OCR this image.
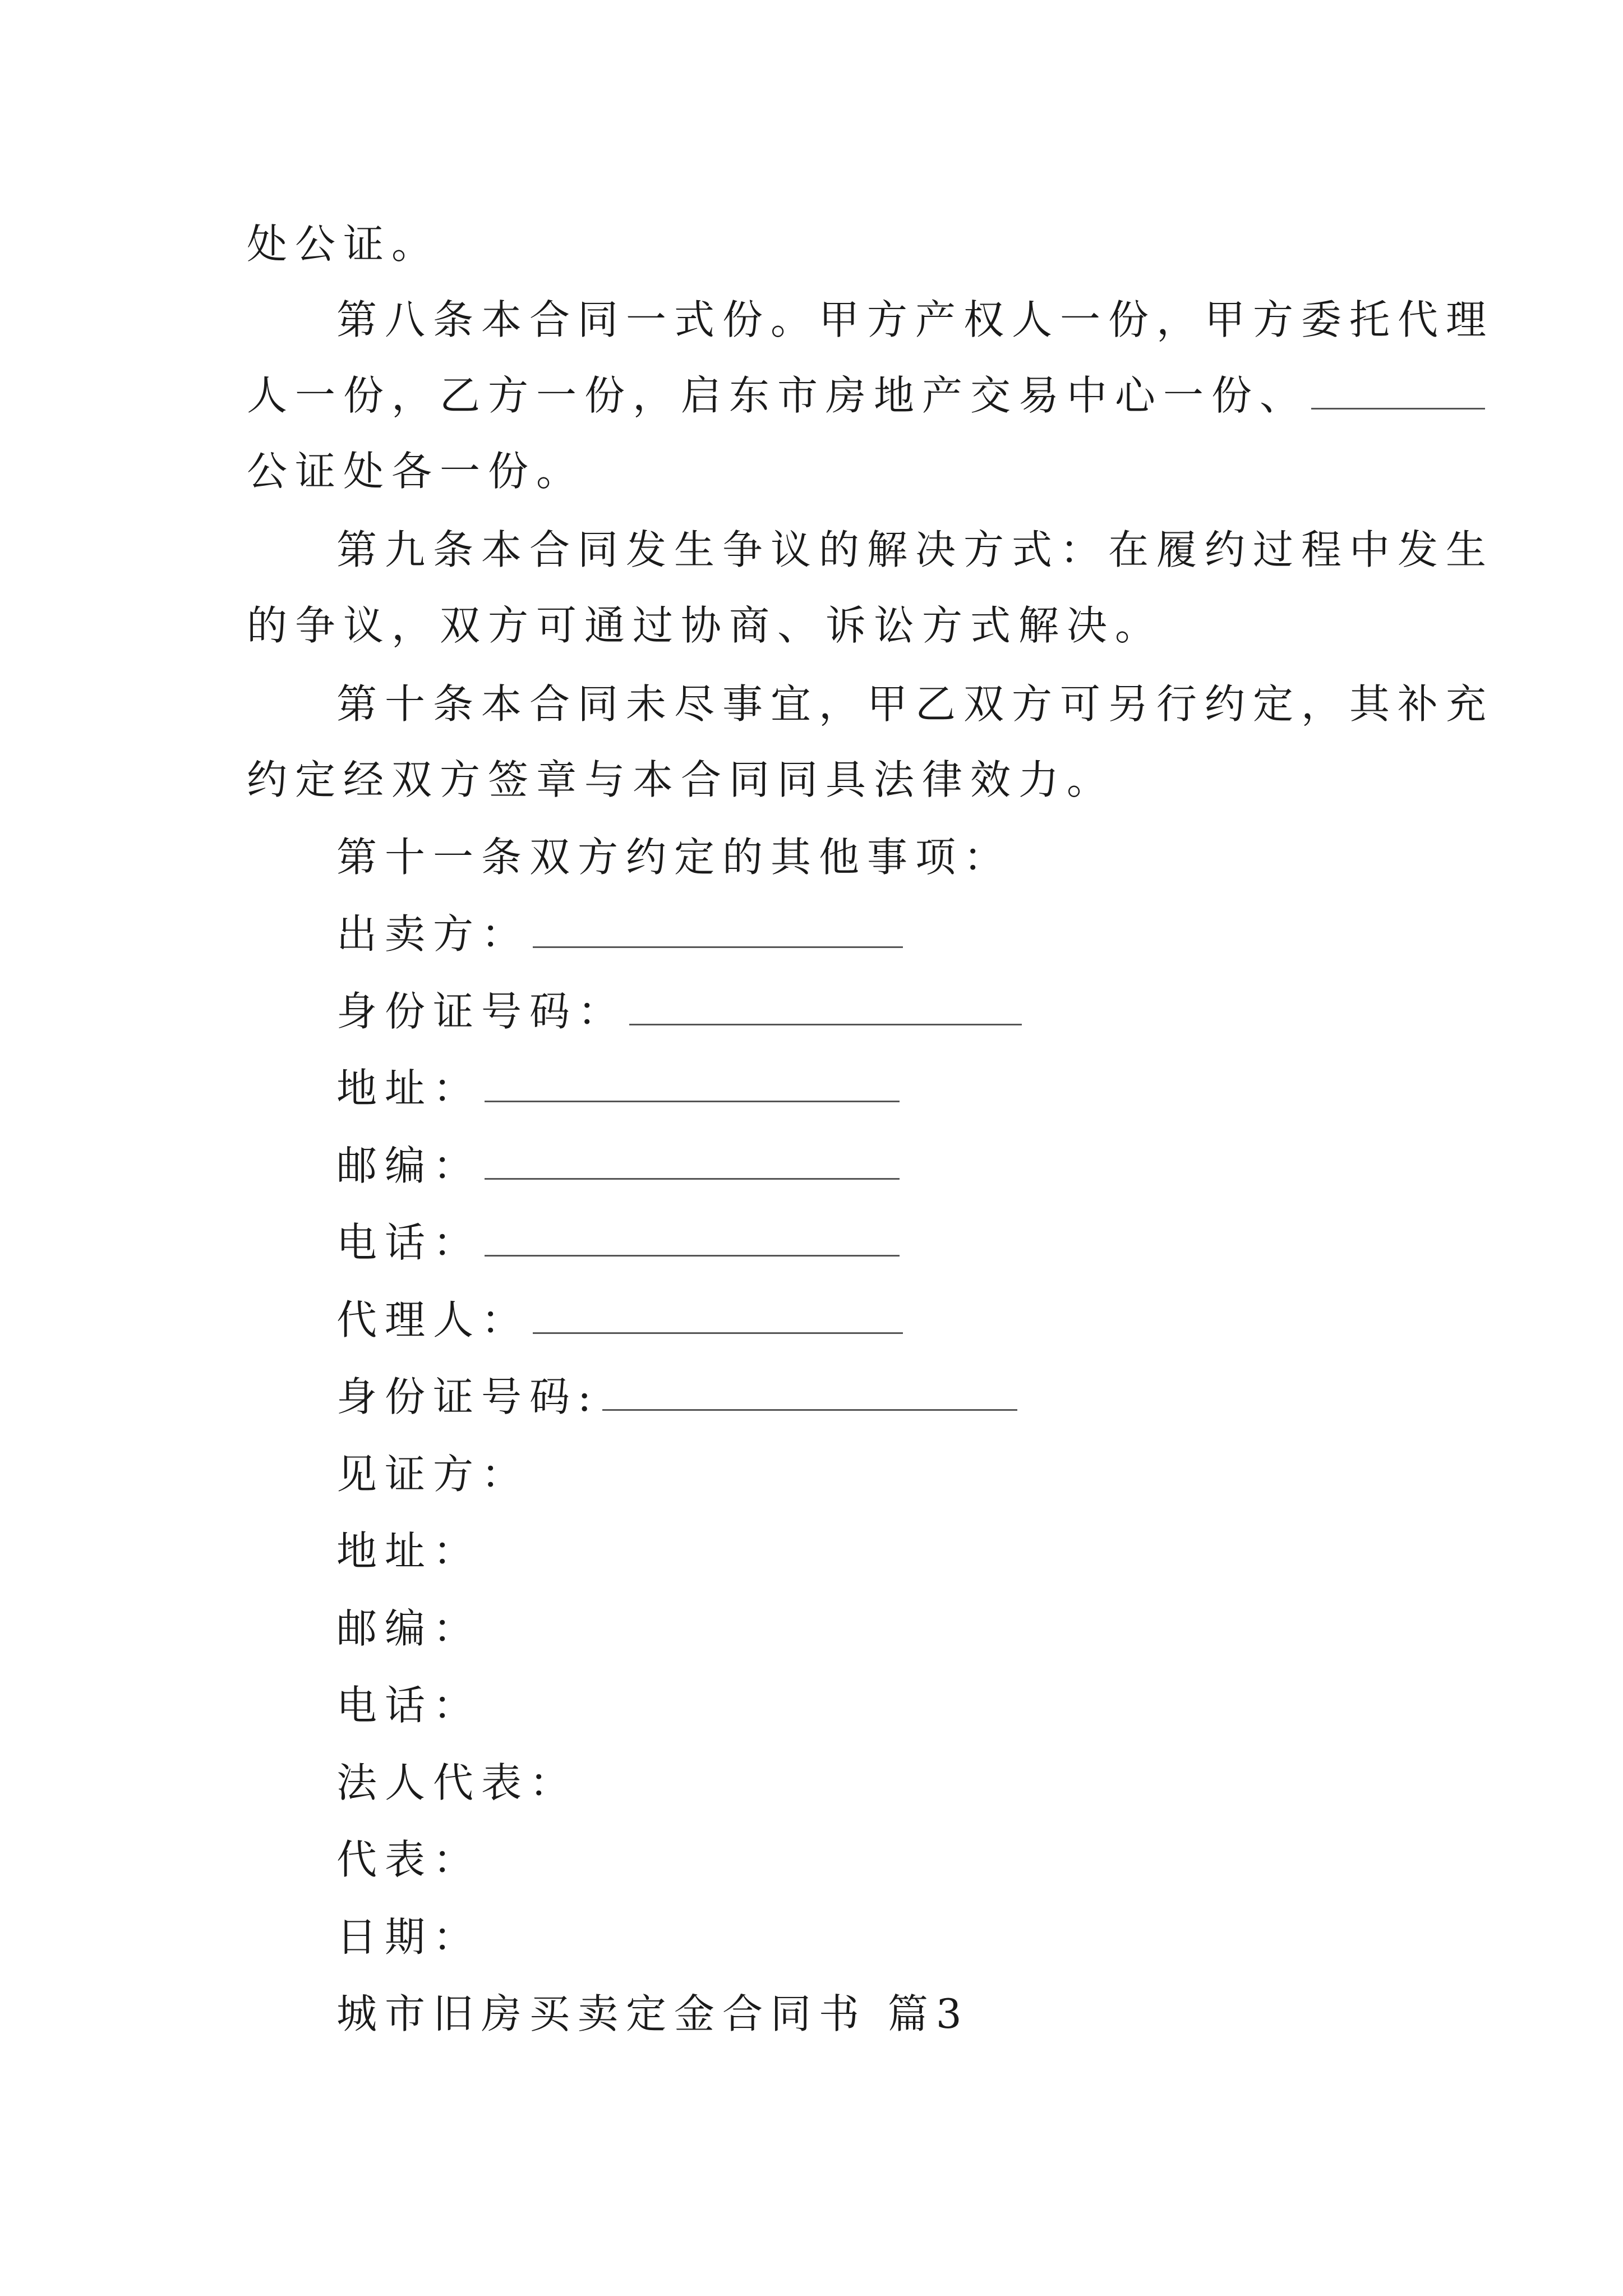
处公证。
第八条本合同一式份。甲方产权人一份，甲方委托代理
人一份，乙方一份，启东市房地产交易中心一份、
公证处各一份。
第九条本合同发生争议的解决方式：在履约过程中发生
的争议，双方可通过协商、诉讼方式解决。
第十条本合同未尽事宜，甲乙双方可另行约定，其补充
约定经双方签章与本合同同具法律效力。
第十一条双方约定的其他事项：
出卖方：
身份证号码：
地址：
邮编：
电话：
代理人：
身份证号码:
见证方：
地址：
邮编：
电话：
法人代表：
代表：
日期：
城市旧房买卖定金合同书 篇3
